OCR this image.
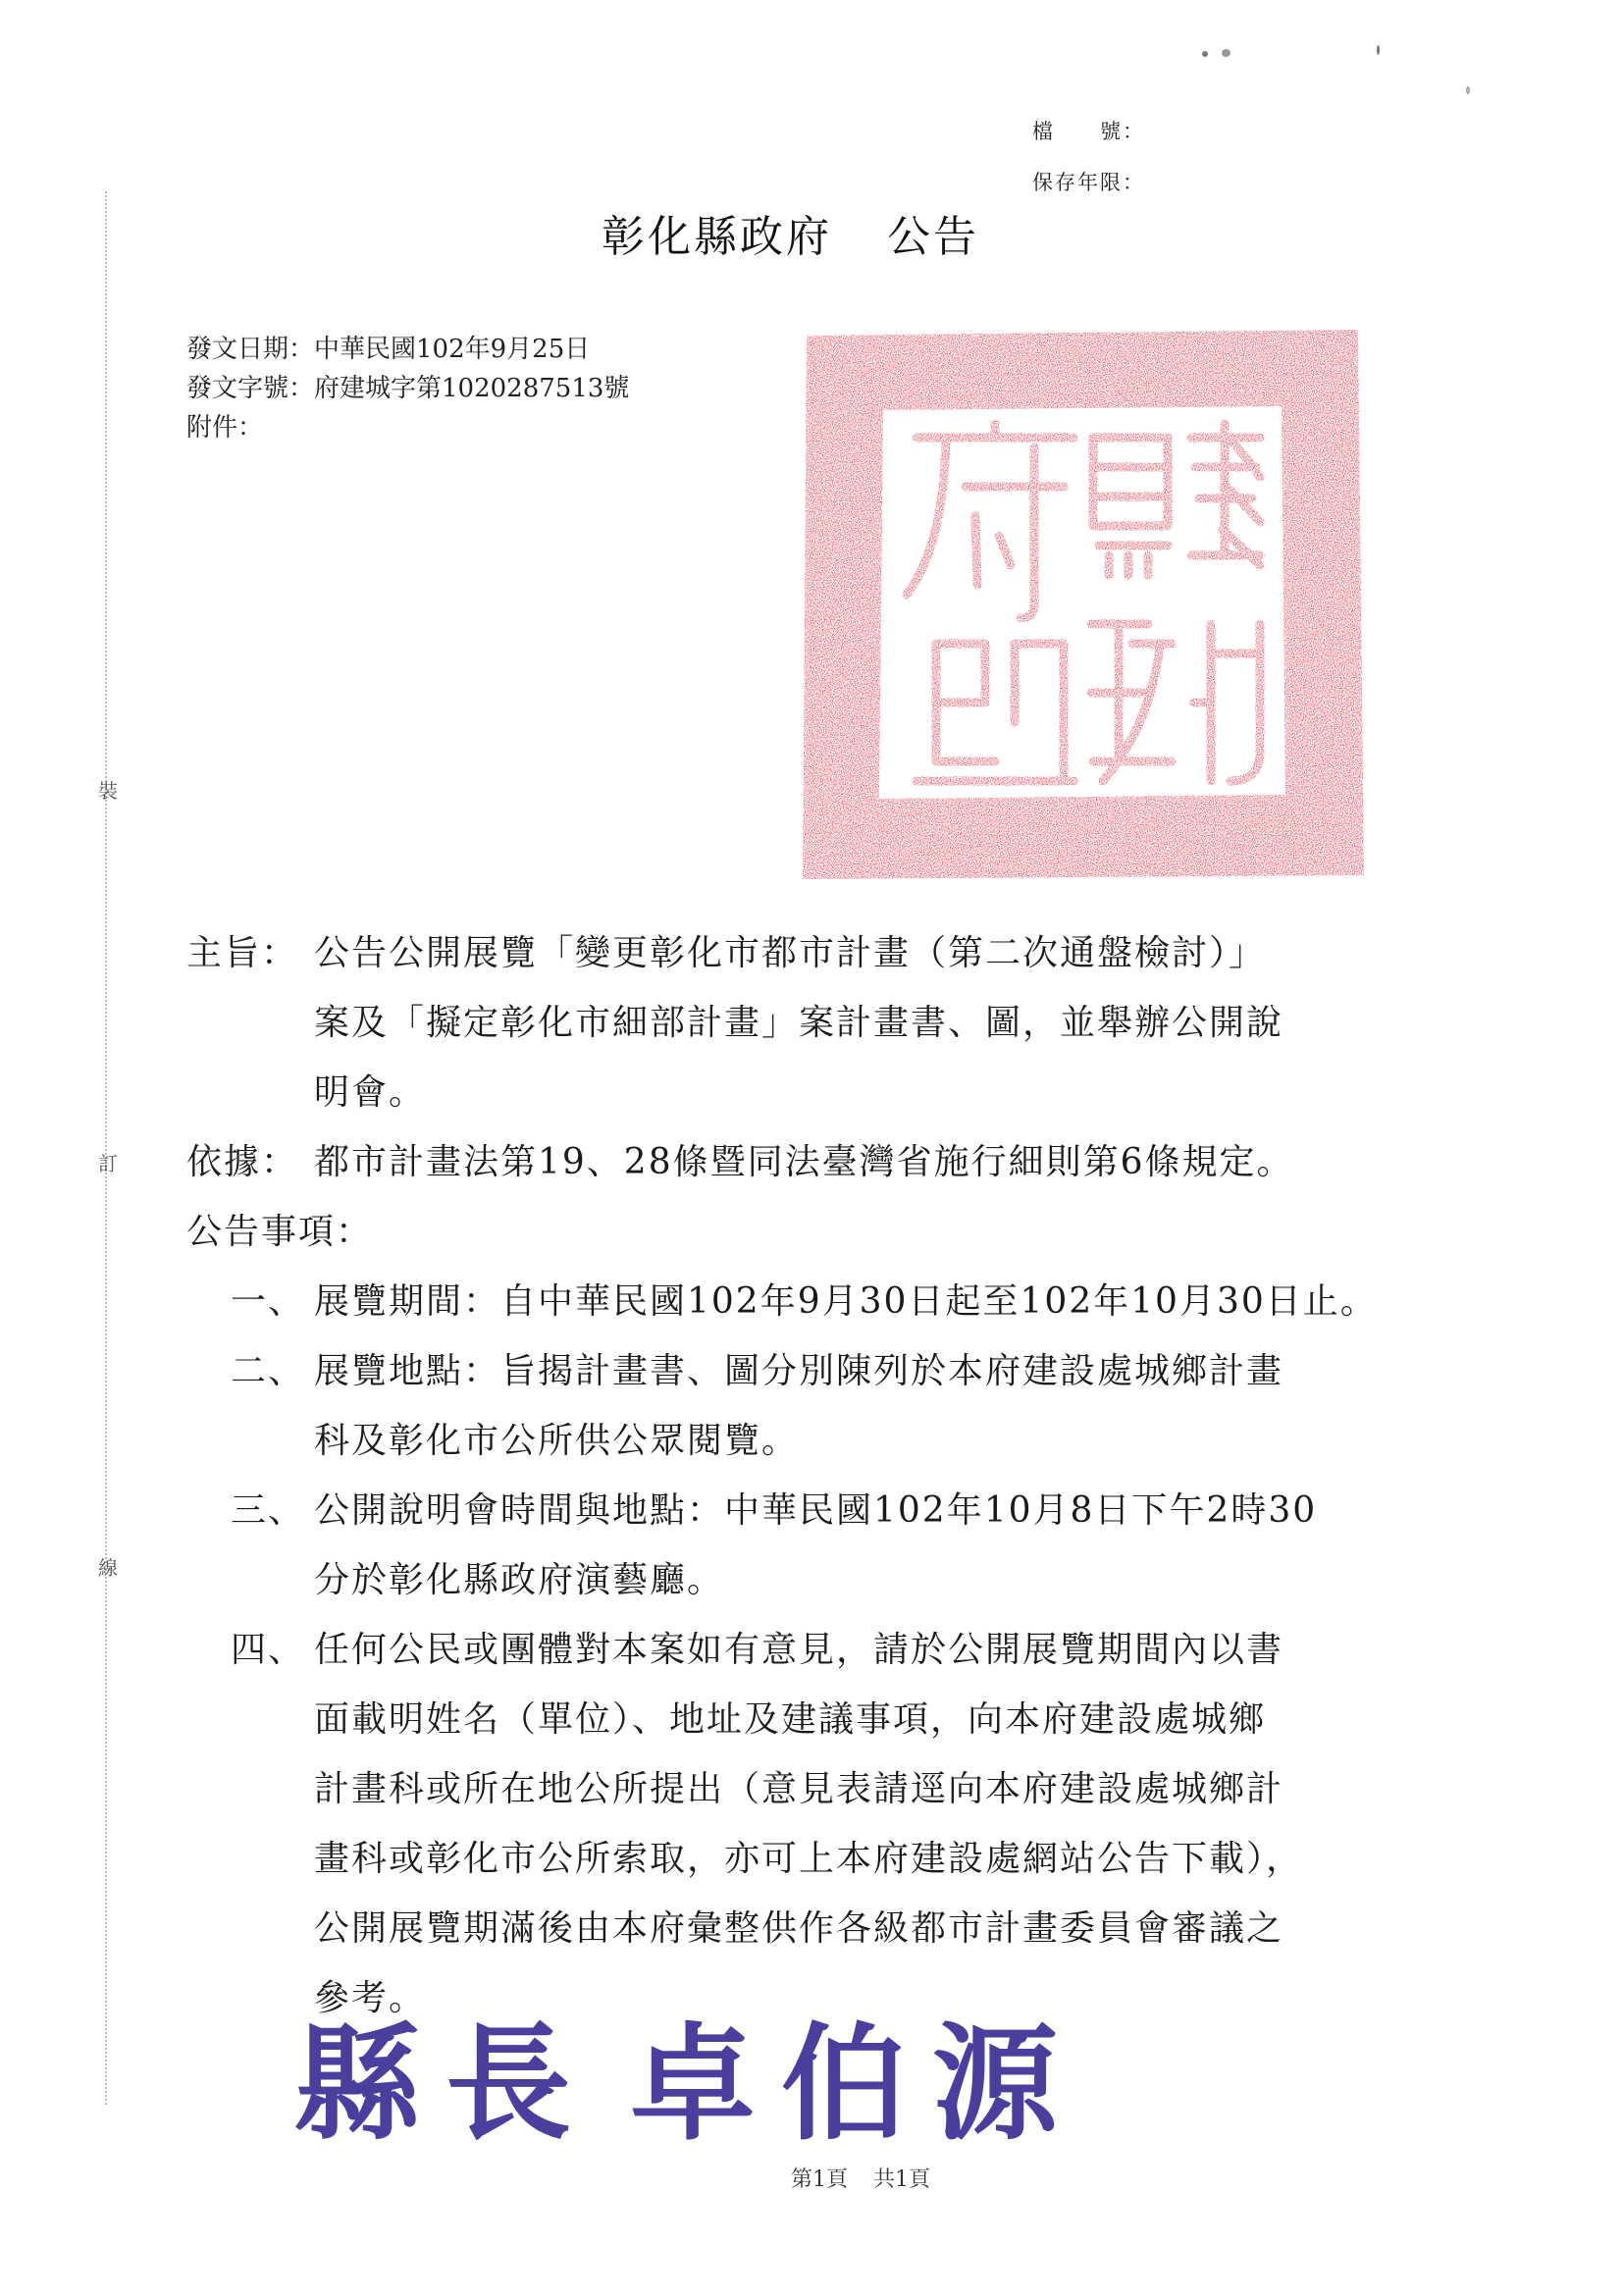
裝
訂
線
檔　　號：
保存年限：
彰化縣政府 公告
發文日期：中華民國102年9月25日
發文字號：府建城字第1020287513號
附件：
主旨： 公告公開展覽「變更彰化市都市計畫（第二次通盤檢討）」
案及「擬定彰化市細部計畫」案計畫書、圖，並舉辦公開說
明會。
依據： 都市計畫法第19、28條暨同法臺灣省施行細則第6條規定。
公告事項：
一、 展覽期間：自中華民國102年9月30日起至102年10月30日止。
二、 展覽地點：旨揭計畫書、圖分別陳列於本府建設處城鄉計畫
科及彰化市公所供公眾閱覽。
三、 公開說明會時間與地點：中華民國102年10月8日下午2時30
分於彰化縣政府演藝廳。
四、 任何公民或團體對本案如有意見，請於公開展覽期間內以書
面載明姓名（單位）、地址及建議事項，向本府建設處城鄉
計畫科或所在地公所提出（意見表請逕向本府建設處城鄉計
畫科或彰化市公所索取，亦可上本府建設處網站公告下載），
公開展覽期滿後由本府彙整供作各級都市計畫委員會審議之
參考。
縣 長 卓 伯 源
第1頁 共1頁
